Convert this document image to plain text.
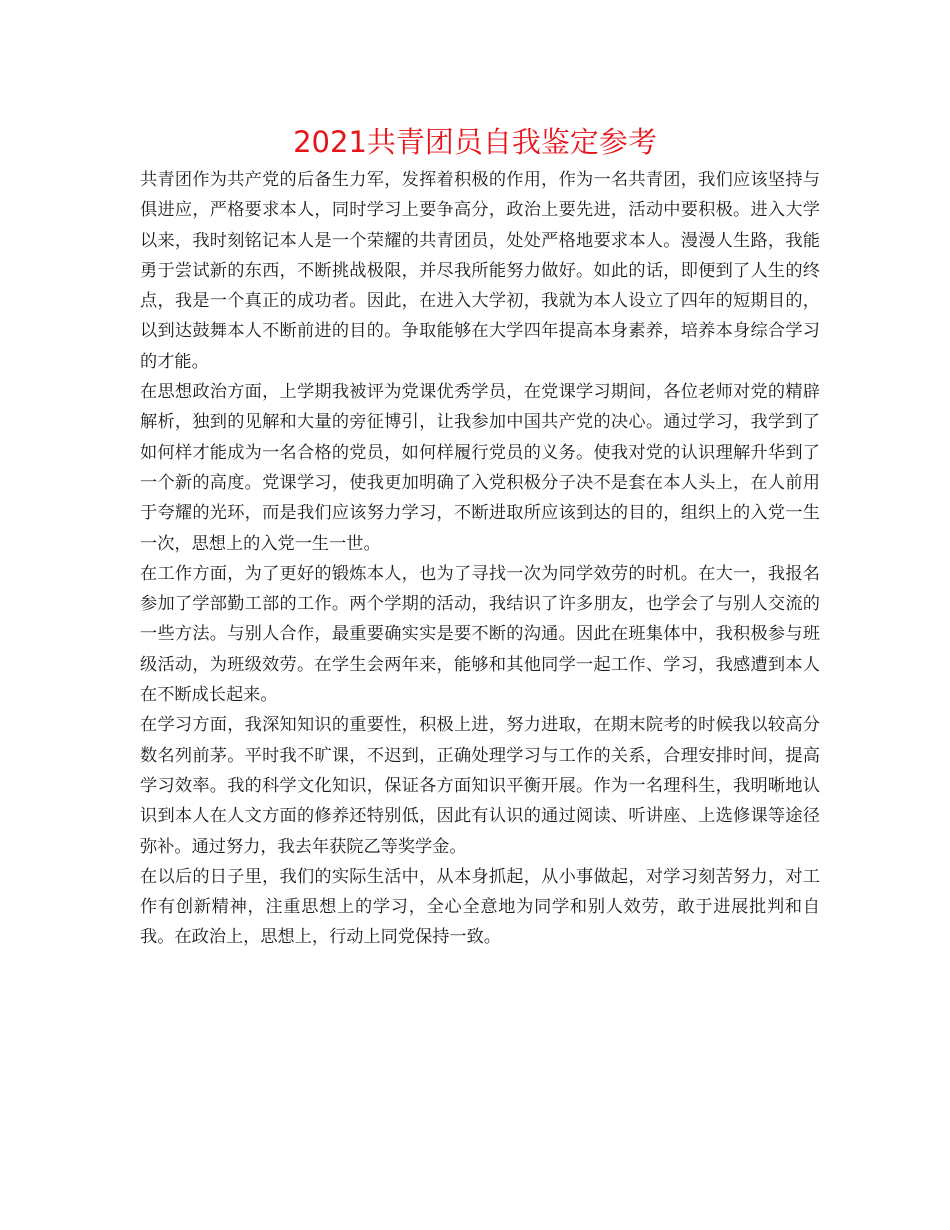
2021共青团员自我鉴定参考

共青团作为共产党的后备生力军，发挥着积极的作用，作为一名共青团，我们应该坚持与俱进应，严格要求本人，同时学习上要争高分，政治上要先进，活动中要积极。进入大学以来，我时刻铭记本人是一个荣耀的共青团员，处处严格地要求本人。漫漫人生路，我能勇于尝试新的东西，不断挑战极限，并尽我所能努力做好。如此的话，即便到了人生的终点，我是一个真正的成功者。因此，在进入大学初，我就为本人设立了四年的短期目的，以到达鼓舞本人不断前进的目的。争取能够在大学四年提高本身素养，培养本身综合学习的才能。

在思想政治方面，上学期我被评为党课优秀学员，在党课学习期间，各位老师对党的精辟解析，独到的见解和大量的旁征博引，让我参加中国共产党的决心。通过学习，我学到了如何样才能成为一名合格的党员，如何样履行党员的义务。使我对党的认识理解升华到了一个新的高度。党课学习，使我更加明确了入党积极分子决不是套在本人头上，在人前用于夸耀的光环，而是我们应该努力学习，不断进取所应该到达的目的，组织上的入党一生一次，思想上的入党一生一世。

在工作方面，为了更好的锻炼本人，也为了寻找一次为同学效劳的时机。在大一，我报名参加了学部勤工部的工作。两个学期的活动，我结识了许多朋友，也学会了与别人交流的一些方法。与别人合作，最重要确实实是要不断的沟通。因此在班集体中，我积极参与班级活动，为班级效劳。在学生会两年来，能够和其他同学一起工作、学习，我感遭到本人在不断成长起来。

在学习方面，我深知知识的重要性，积极上进，努力进取，在期末院考的时候我以较高分数名列前茅。平时我不旷课，不迟到，正确处理学习与工作的关系，合理安排时间，提高学习效率。我的科学文化知识，保证各方面知识平衡开展。作为一名理科生，我明晰地认识到本人在人文方面的修养还特别低，因此有认识的通过阅读、听讲座、上选修课等途径弥补。通过努力，我去年获院乙等奖学金。

在以后的日子里，我们的实际生活中，从本身抓起，从小事做起，对学习刻苦努力，对工作有创新精神，注重思想上的学习，全心全意地为同学和别人效劳，敢于进展批判和自我。在政治上，思想上，行动上同党保持一致。
